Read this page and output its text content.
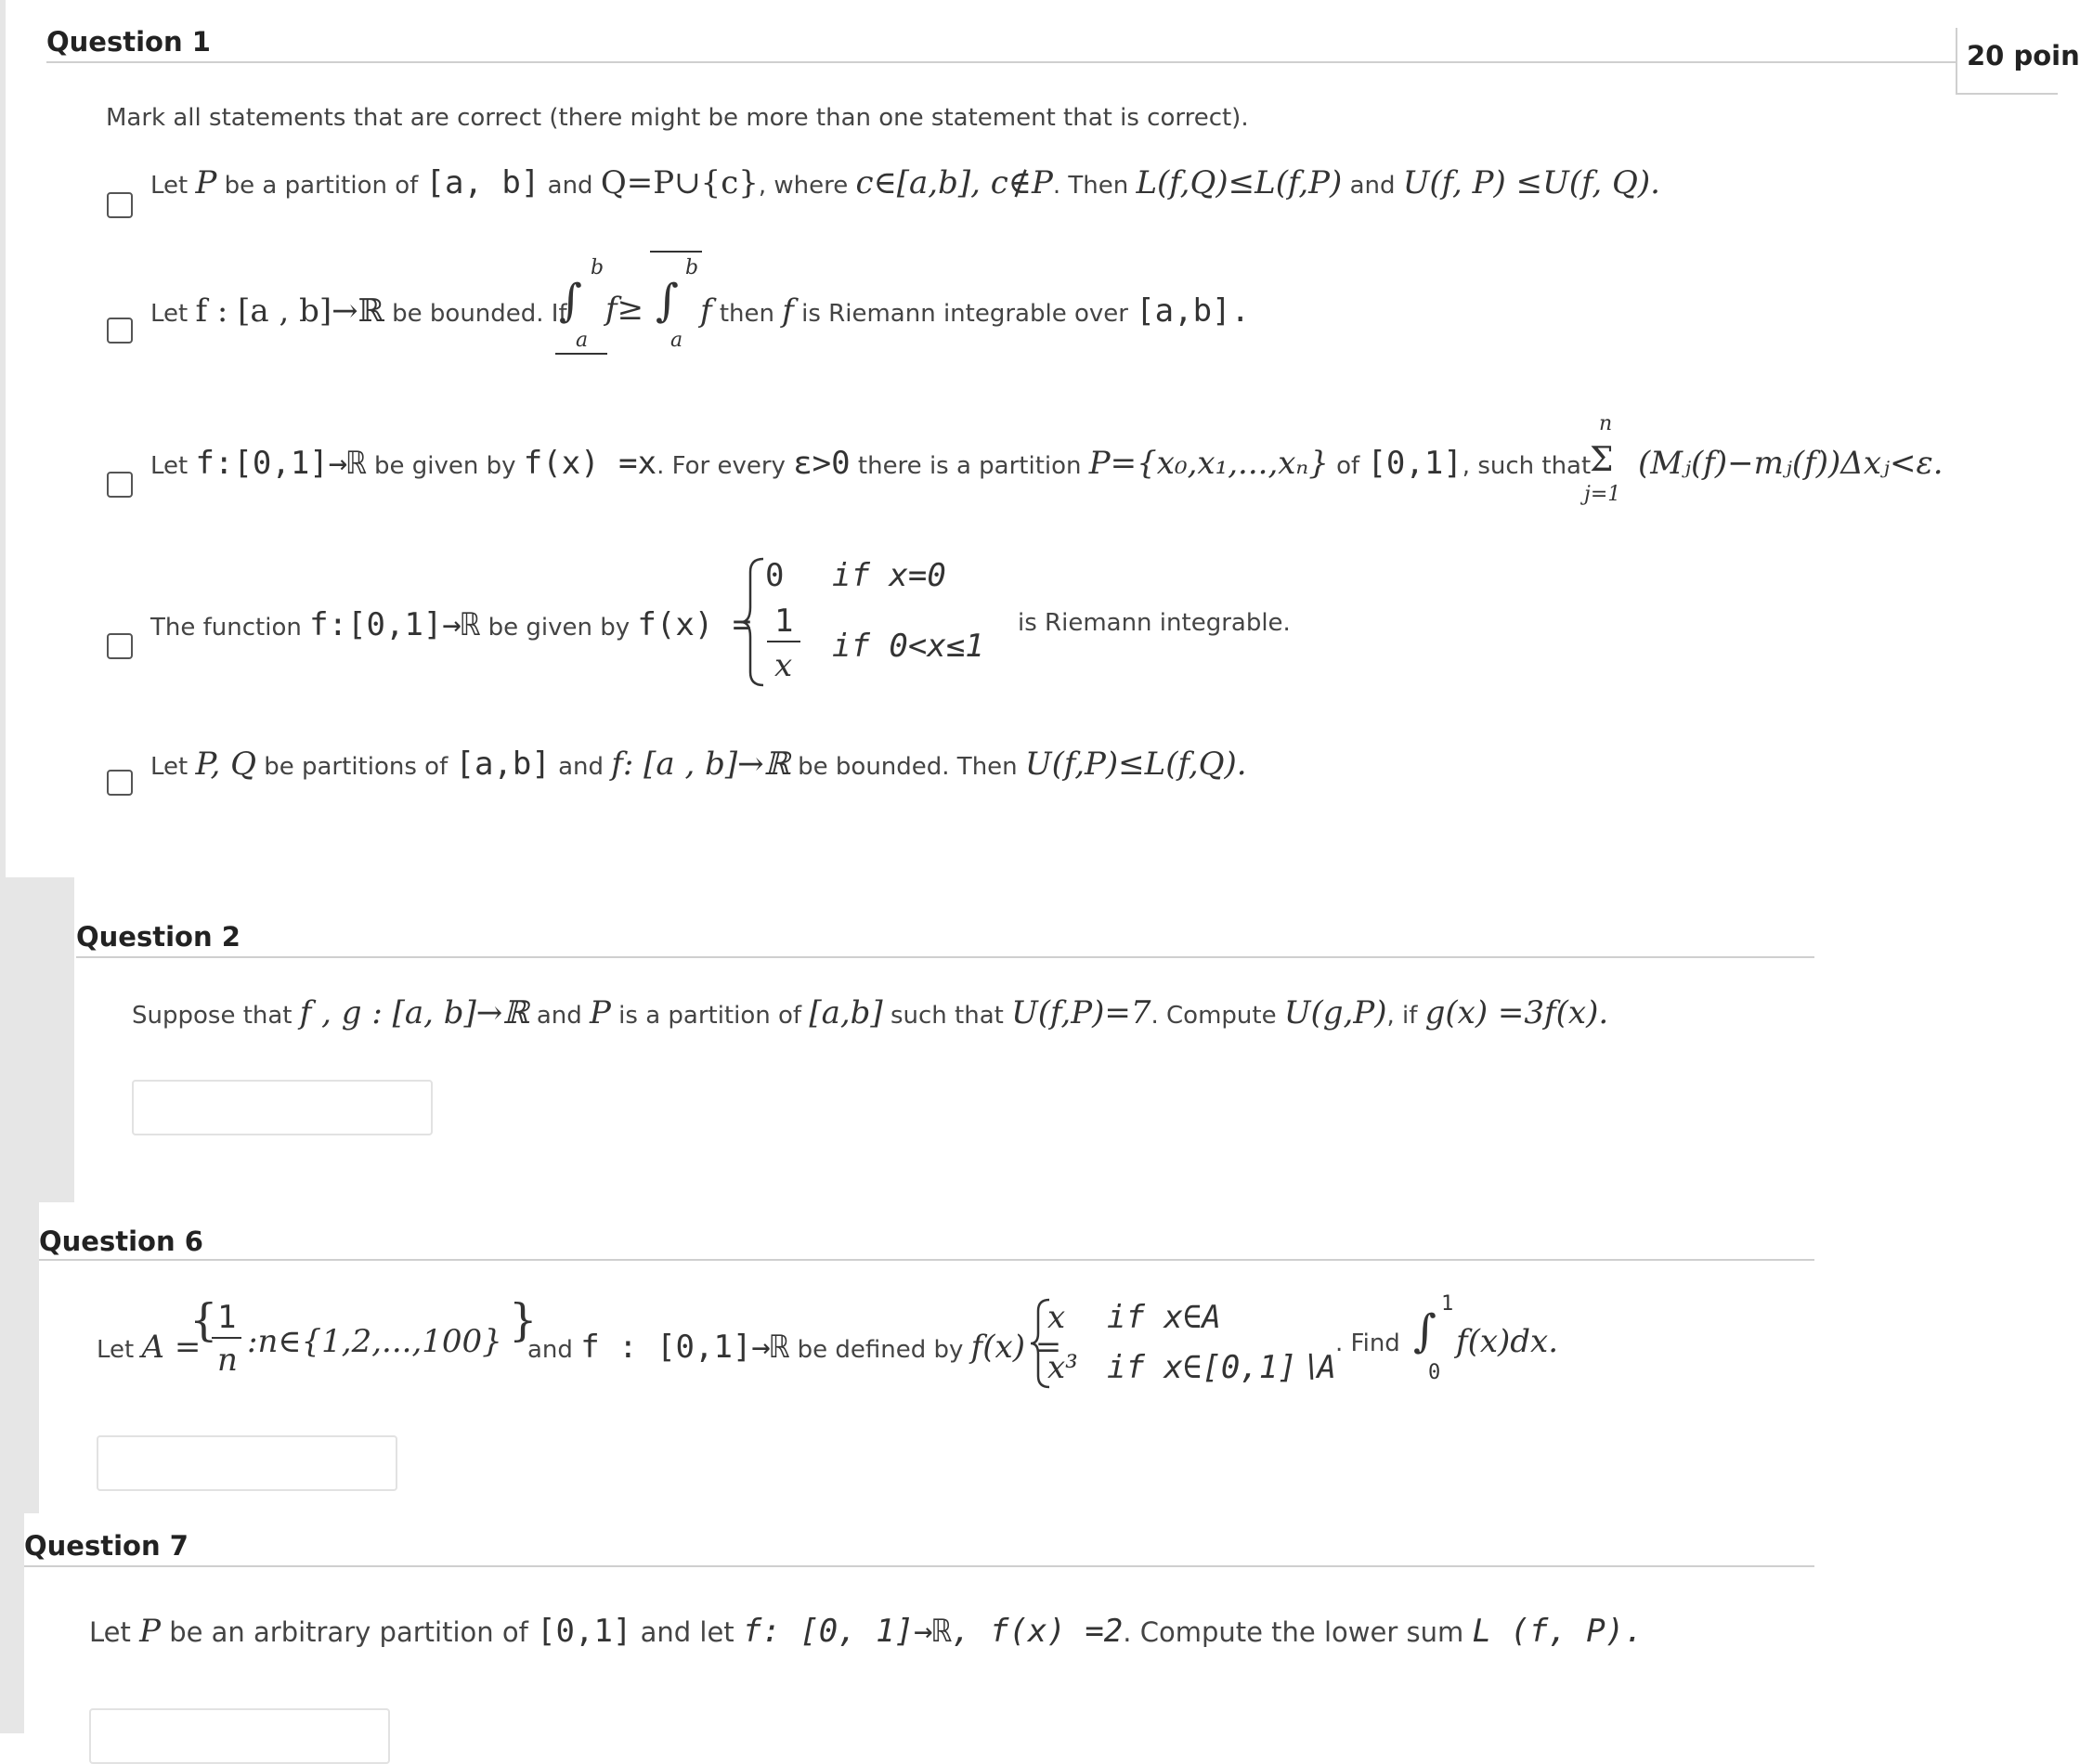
Question 1	20 poin
Mark all statements that are correct (there might be more than one statement that is correct).
Let P be a partition of [a, b] and Q=P∪{c}, where c∈[a,b], c∉P. Then L(f,Q)≤L(f,P) and U(f, P) ≤U(f, Q).
Let f : [a , b]→ℝ be bounded. If
∫
b
a
f≥ ∫
b
a
f then f is Riemann integrable over [a,b].
Let f:[0,1]→ℝ be given by f(x) =x. For every ε>0 there is a partition P={x₀,x₁,...,xₙ} of [0,1], such that
Σ
n
j=1
(Mⱼ(f)−mⱼ(f))Δxⱼ<ε.
The function f:[0,1]→ℝ be given by f(x) =
0 if x=0
1
x
if 0<x≤1
is Riemann integrable.
Let P, Q be partitions of [a,b] and f: [a , b]→ℝ be bounded. Then U(f,P)≤L(f,Q).
Question 2
Suppose that f , g : [a, b]→ℝ and P is a partition of [a,b] such that U(f,P)=7. Compute U(g,P), if g(x) =3f(x).
Question 6
Let A =
{ 1
n :n∈{1,2,...,100} }
and f : [0,1]→ℝ be defined by f(x) =
x if x∈A
x³ if x∈[0,1]∖A
. Find ∫
1
0
f(x)dx.
Question 7
Let P be an arbitrary partition of [0,1] and let f: [0, 1]→ℝ, f(x) =2. Compute the lower sum L (f, P).
